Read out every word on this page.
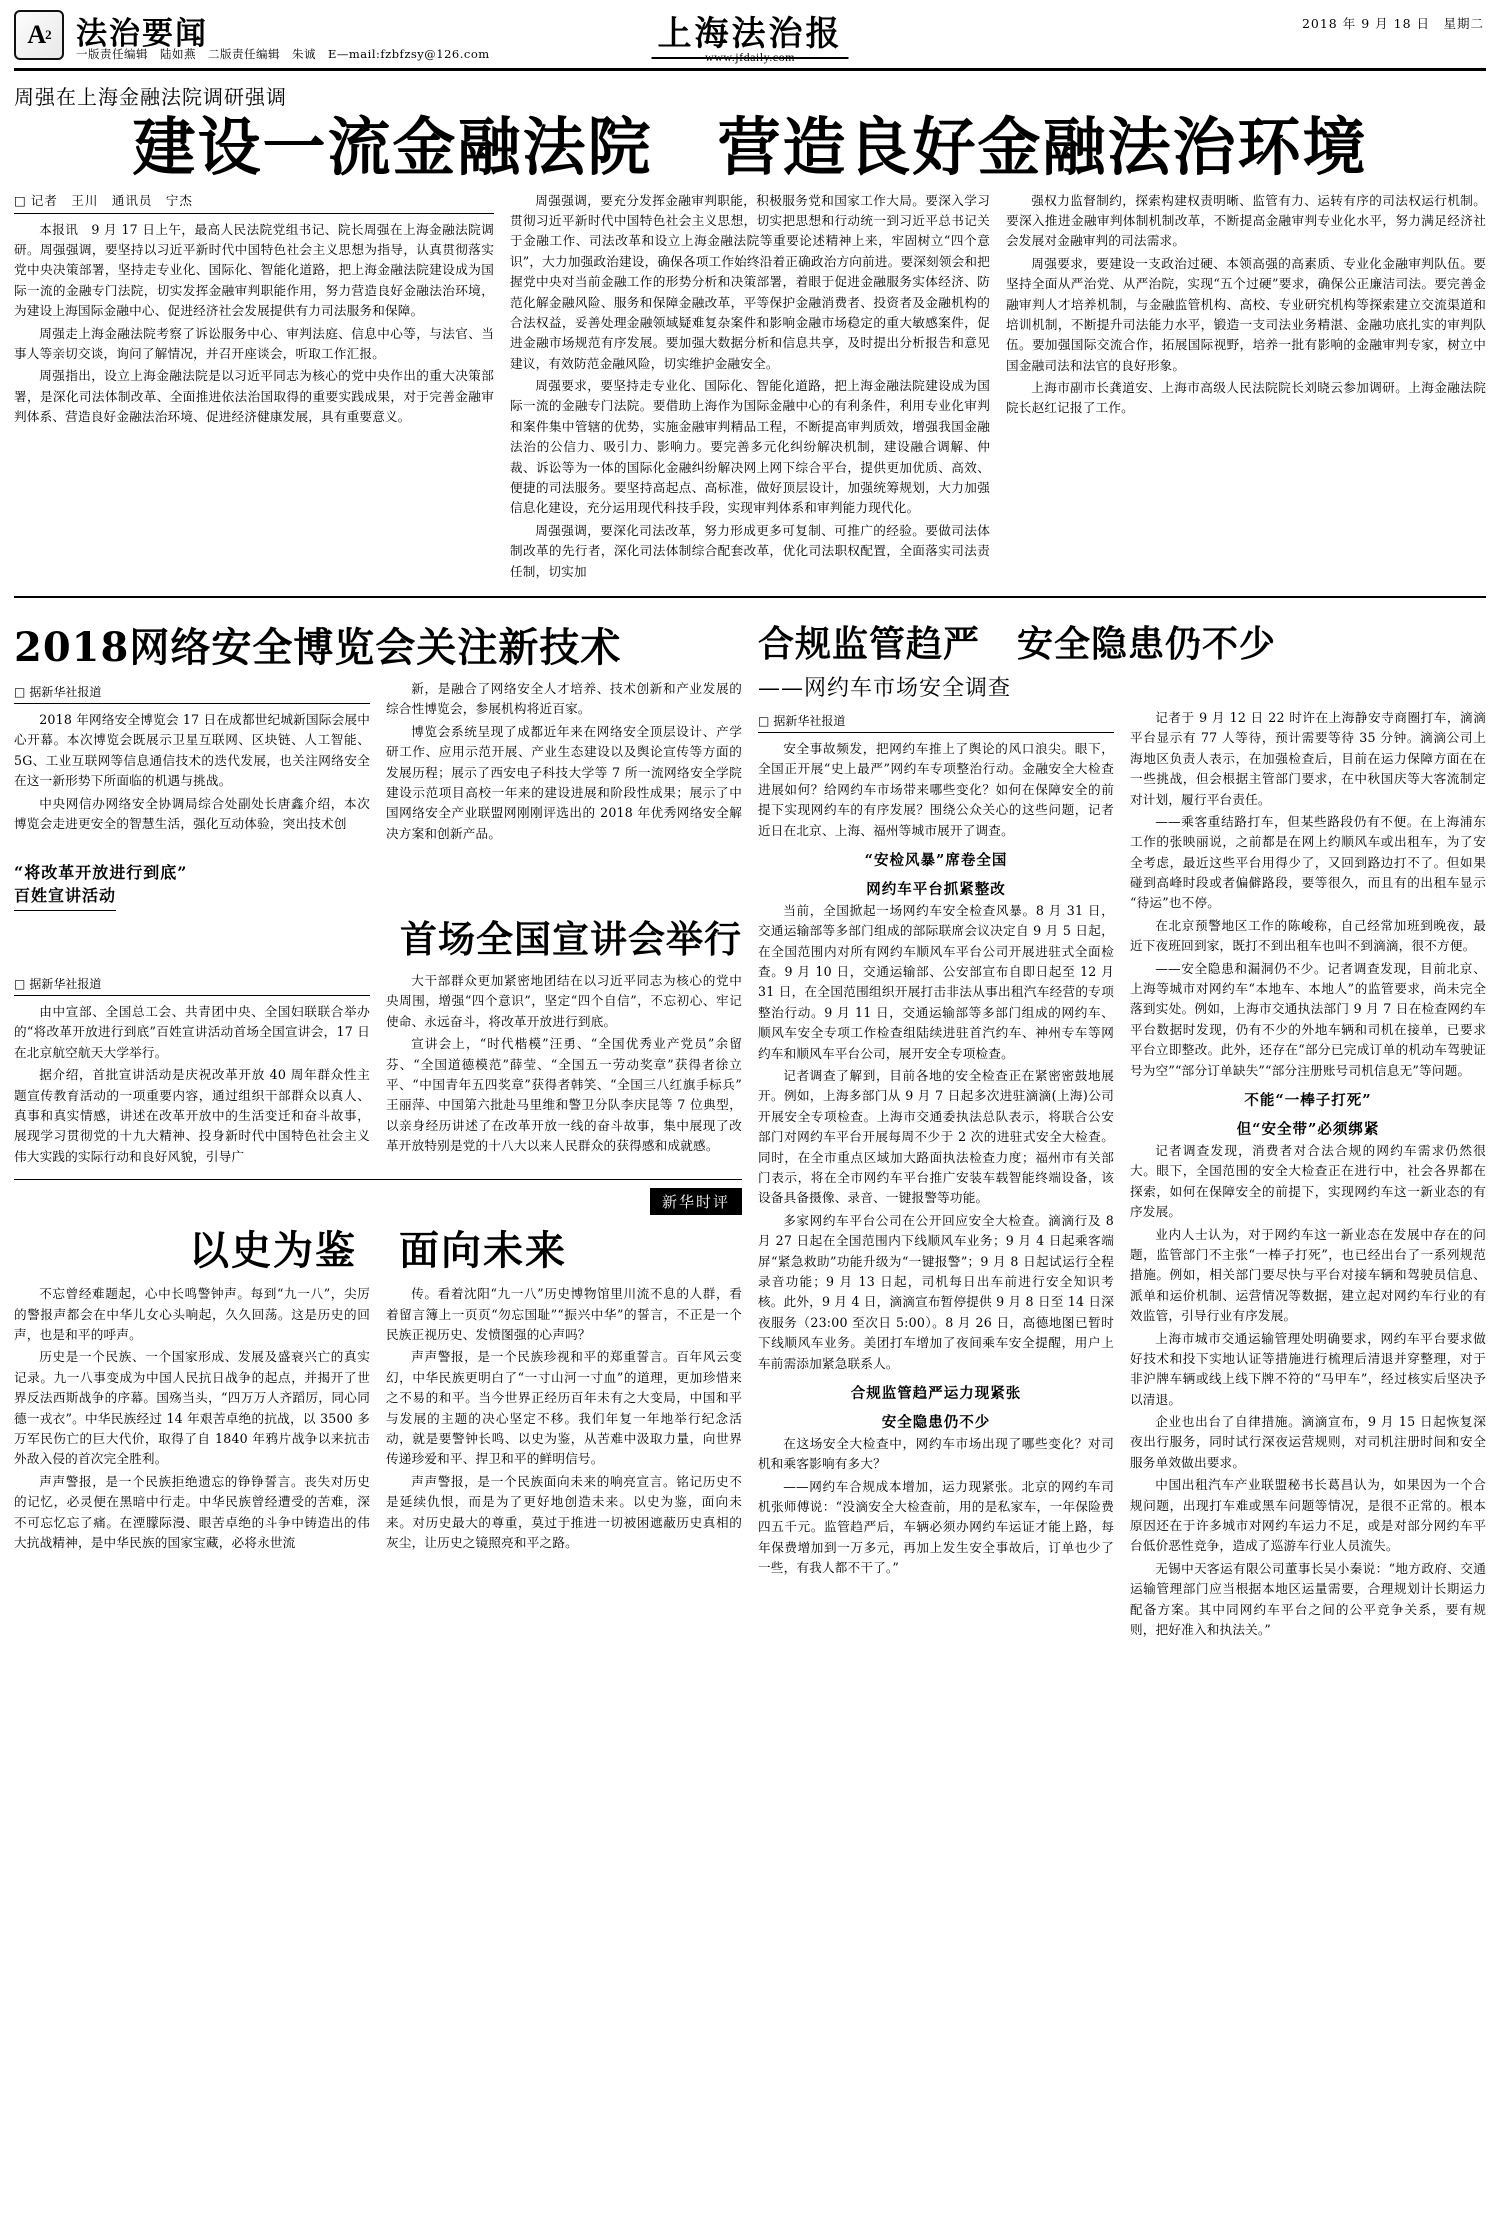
A 2 法治要闻
一版责任编辑　陆如燕　二版责任编辑　朱诚　E—mail:fzbfzsy@126.com	上海法治报
www.jfdaily.com
2018 年 9 月 18 日　星期二
周强在上海金融法院调研强调
建设一流金融法院　营造良好金融法治环境
□ 记者　王川　通讯员　宁杰

本报讯　9 月 17 日上午，最高人民法院党组书记、院长周强在上海金融法院调研。周强强调，要坚持以习近平新时代中国特色社会主义思想为指导，认真贯彻落实党中央决策部署，坚持走专业化、国际化、智能化道路，把上海金融法院建设成为国际一流的金融专门法院，切实发挥金融审判职能作用，努力营造良好金融法治环境，为建设上海国际金融中心、促进经济社会发展提供有力司法服务和保障。

周强走上海金融法院考察了诉讼服务中心、审判法庭、信息中心等，与法官、当事人等亲切交谈，询问了解情况，并召开座谈会，听取工作汇报。

周强指出，设立上海金融法院是以习近平同志为核心的党中央作出的重大决策部署，是深化司法体制改革、全面推进依法治国取得的重要实践成果，对于完善金融审判体系、营造良好金融法治环境、促进经济健康发展，具有重要意义。

周强强调，要充分发挥金融审判职能，积极服务党和国家工作大局。要深入学习贯彻习近平新时代中国特色社会主义思想，切实把思想和行动统一到习近平总书记关于金融工作、司法改革和设立上海金融法院等重要论述精神上来，牢固树立“四个意识”，大力加强政治建设，确保各项工作始终沿着正确政治方向前进。要深刻领会和把握党中央对当前金融工作的形势分析和决策部署，着眼于促进金融服务实体经济、防范化解金融风险、服务和保障金融改革，平等保护金融消费者、投资者及金融机构的合法权益，妥善处理金融领域疑难复杂案件和影响金融市场稳定的重大敏感案件，促进金融市场规范有序发展。要加强大数据分析和信息共享，及时提出分析报告和意见建议，有效防范金融风险，切实维护金融安全。

周强要求，要坚持走专业化、国际化、智能化道路，把上海金融法院建设成为国际一流的金融专门法院。要借助上海作为国际金融中心的有利条件，利用专业化审判和案件集中管辖的优势，实施金融审判精品工程，不断提高审判质效，增强我国金融法治的公信力、吸引力、影响力。要完善多元化纠纷解决机制，建设融合调解、仲裁、诉讼等为一体的国际化金融纠纷解决网上网下综合平台，提供更加优质、高效、便捷的司法服务。要坚持高起点、高标准，做好顶层设计，加强统筹规划，大力加强信息化建设，充分运用现代科技手段，实现审判体系和审判能力现代化。

周强强调，要深化司法改革，努力形成更多可复制、可推广的经验。要做司法体制改革的先行者，深化司法体制综合配套改革，优化司法职权配置，全面落实司法责任制，切实加

强权力监督制约，探索构建权责明晰、监管有力、运转有序的司法权运行机制。要深入推进金融审判体制机制改革，不断提高金融审判专业化水平，努力满足经济社会发展对金融审判的司法需求。

周强要求，要建设一支政治过硬、本领高强的高素质、专业化金融审判队伍。要坚持全面从严治党、从严治院，实现“五个过硬”要求，确保公正廉洁司法。要完善金融审判人才培养机制，与金融监管机构、高校、专业研究机构等探索建立交流渠道和培训机制，不断提升司法能力水平，锻造一支司法业务精湛、金融功底扎实的审判队伍。要加强国际交流合作，拓展国际视野，培养一批有影响的金融审判专家，树立中国金融司法和法官的良好形象。

上海市副市长龚道安、上海市高级人民法院院长刘晓云参加调研。上海金融法院院长赵红记报了工作。

2018网络安全博览会关注新技术
□ 据新华社报道

2018 年网络安全博览会 17 日在成都世纪城新国际会展中心开幕。本次博览会既展示卫星互联网、区块链、人工智能、5G、工业互联网等信息通信技术的迭代发展，也关注网络安全在这一新形势下所面临的机遇与挑战。

中央网信办网络安全协调局综合处副处长唐鑫介绍，本次博览会走进更安全的智慧生活，强化互动体验，突出技术创

新，是融合了网络安全人才培养、技术创新和产业发展的综合性博览会，参展机构将近百家。

博览会系统呈现了成都近年来在网络安全顶层设计、产学研工作、应用示范开展、产业生态建设以及舆论宣传等方面的发展历程；展示了西安电子科技大学等 7 所一流网络安全学院建设示范项目高校一年来的建设进展和阶段性成果；展示了中国网络安全产业联盟网刚刚评选出的 2018 年优秀网络安全解决方案和创新产品。

“将改革开放进行到底”
百姓宣讲活动
首场全国宣讲会举行
□ 据新华社报道

由中宣部、全国总工会、共青团中央、全国妇联联合举办的“将改革开放进行到底”百姓宣讲活动首场全国宣讲会，17 日在北京航空航天大学举行。

据介绍，首批宣讲活动是庆祝改革开放 40 周年群众性主题宣传教育活动的一项重要内容，通过组织干部群众以真人、真事和真实情感，讲述在改革开放中的生活变迁和奋斗故事，展现学习贯彻党的十九大精神、投身新时代中国特色社会主义伟大实践的实际行动和良好风貌，引导广

大干部群众更加紧密地团结在以习近平同志为核心的党中央周围，增强“四个意识”，坚定“四个自信”，不忘初心、牢记使命、永远奋斗，将改革开放进行到底。

宣讲会上，“时代楷模”汪勇、“全国优秀业产党员”余留芬、“全国道德模范”薛莹、“全国五一劳动奖章”获得者徐立平、“中国青年五四奖章”获得者韩笑、“全国三八红旗手标兵”王丽萍、中国第六批赴马里维和警卫分队李庆昆等 7 位典型，以亲身经历讲述了在改革开放一线的奋斗故事，集中展现了改革开放特别是党的十八大以来人民群众的获得感和成就感。

新华时评
以史为鉴　面向未来

不忘曾经难题起，心中长鸣警钟声。每到“九一八”，尖厉的警报声都会在中华儿女心头响起，久久回荡。这是历史的回声，也是和平的呼声。

历史是一个民族、一个国家形成、发展及盛衰兴亡的真实记录。九一八事变成为中国人民抗日战争的起点，并揭开了世界反法西斯战争的序幕。国殇当头，“四万万人齐蹈厉，同心同德一戎衣”。中华民族经过 14 年艰苦卓绝的抗战，以 3500 多万军民伤亡的巨大代价，取得了自 1840 年鸦片战争以来抗击外敌入侵的首次完全胜利。

声声警报，是一个民族拒绝遗忘的铮铮誓言。丧失对历史的记忆，必灵便在黑暗中行走。中华民族曾经遭受的苦难，深不可忘忆忘了痛。在湮朦际漫、眼苦卓绝的斗争中铸造出的伟大抗战精神，是中华民族的国家宝藏，必将永世流

传。看着沈阳“九一八”历史博物馆里川流不息的人群，看着留言簿上一页页“勿忘国耻”“振兴中华”的誓言，不正是一个民族正视历史、发愤图强的心声吗？

声声警报，是一个民族珍视和平的郑重誓言。百年风云变幻，中华民族更明白了“一寸山河一寸血”的道理，更加珍惜来之不易的和平。当今世界正经历百年未有之大变局，中国和平与发展的主题的决心坚定不移。我们年复一年地举行纪念活动，就是要警钟长鸣、以史为鉴，从苦难中汲取力量，向世界传递珍爱和平、捍卫和平的鲜明信号。

声声警报，是一个民族面向未来的响亮宣言。铭记历史不是延续仇恨，而是为了更好地创造未来。以史为鉴，面向未来。对历史最大的尊重，莫过于推进一切被困遮蔽历史真相的灰尘，让历史之镜照亮和平之路。

合规监管趋严　安全隐患仍不少
——网约车市场安全调查
□ 据新华社报道

安全事故频发，把网约车推上了舆论的风口浪尖。眼下，全国正开展“史上最严”网约车专项整治行动。金融安全大检查进展如何？给网约车市场带来哪些变化？如何在保障安全的前提下实现网约车的有序发展？围绕公众关心的这些问题，记者近日在北京、上海、福州等城市展开了调查。

“安检风暴”席卷全国
网约车平台抓紧整改

当前，全国掀起一场网约车安全检查风暴。8 月 31 日，交通运输部等多部门组成的部际联席会议决定自 9 月 5 日起，在全国范围内对所有网约车顺风车平台公司开展进驻式全面检查。9 月 10 日，交通运输部、公安部宣布自即日起至 12 月 31 日，在全国范围组织开展打击非法从事出租汽车经营的专项整治行动。9 月 11 日，交通运输部等多部门组成的网约车、顺风车安全专项工作检查组陆续进驻首汽约车、神州专车等网约车和顺风车平台公司，展开安全专项检查。

记者调查了解到，目前各地的安全检查正在紧密密鼓地展开。例如，上海多部门从 9 月 7 日起多次进驻滴滴(上海)公司开展安全专项检查。上海市交通委执法总队表示，将联合公安部门对网约车平台开展每周不少于 2 次的进驻式安全大检查。同时，在全市重点区域加大路面执法检查力度；福州市有关部门表示，将在全市网约车平台推广安装车载智能终端设备，该设备具备摄像、录音、一键报警等功能。

多家网约车平台公司在公开回应安全大检查。滴滴行及 8 月 27 日起在全国范围内下线顺风车业务；9 月 4 日起乘客端屏“紧急救助”功能升级为“一键报警”；9 月 8 日起试运行全程录音功能；9 月 13 日起，司机每日出车前进行安全知识考核。此外，9 月 4 日，滴滴宣布暂停提供 9 月 8 日至 14 日深夜服务（23:00 至次日 5:00）。8 月 26 日，高德地图已暂时下线顺风车业务。美团打车增加了夜间乘车安全提醒，用户上车前需添加紧急联系人。

合规监管趋严运力现紧张
安全隐患仍不少

在这场安全大检查中，网约车市场出现了哪些变化？对司机和乘客影响有多大？

——网约车合规成本增加，运力现紧张。北京的网约车司机张师傅说：“没滴安全大检查前，用的是私家车，一年保险费四五千元。监管趋严后，车辆必须办网约车运证才能上路，每年保费增加到一万多元，再加上发生安全事故后，订单也少了一些，有我人都不干了。”

记者于 9 月 12 日 22 时许在上海静安寺商圈打车，滴滴平台显示有 77 人等待，预计需要等待 35 分钟。滴滴公司上海地区负责人表示，在加强检查后，目前在运力保障方面在在一些挑战，但会根据主管部门要求，在中秋国庆等大客流制定对计划，履行平台责任。

——乘客重结路打车，但某些路段仍有不便。在上海浦东工作的张映丽说，之前都是在网上约顺风车或出租车，为了安全考虑，最近这些平台用得少了，又回到路边打不了。但如果碰到高峰时段或者偏僻路段，要等很久，而且有的出租车显示“待运”也不停。

在北京预警地区工作的陈峻称，自己经常加班到晚夜，最近下夜班回到家，既打不到出租车也叫不到滴滴，很不方便。

——安全隐患和漏洞仍不少。记者调查发现，目前北京、上海等城市对网约车“本地车、本地人”的监管要求，尚未完全落到实处。例如，上海市交通执法部门 9 月 7 日在检查网约车平台数据时发现，仍有不少的外地车辆和司机在接单，已要求平台立即整改。此外，还存在“部分已完成订单的机动车驾驶证号为空”“部分订单缺失”“部分注册账号司机信息无”等问题。

不能“一棒子打死”
但“安全带”必须绑紧

记者调查发现，消费者对合法合规的网约车需求仍然很大。眼下，全国范围的安全大检查正在进行中，社会各界都在探索，如何在保障安全的前提下，实现网约车这一新业态的有序发展。

业内人士认为，对于网约车这一新业态在发展中存在的问题，监管部门不主张“一棒子打死”，也已经出台了一系列规范措施。例如，相关部门要尽快与平台对接车辆和驾驶员信息、派单和运价机制、运营情况等数据，建立起对网约车行业的有效监管，引导行业有序发展。

上海市城市交通运输管理处明确要求，网约车平台要求做好技术和投下实地认证等措施进行梳理后清退并穿整理，对于非沪牌车辆或线上线下牌不符的“马甲车”，经过核实后坚决予以清退。

企业也出台了自律措施。滴滴宣布，9 月 15 日起恢复深夜出行服务，同时试行深夜运营规则，对司机注册时间和安全服务单效做出要求。

中国出租汽车产业联盟秘书长葛昌认为，如果因为一个合规问题，出现打车难或黑车问题等情况，是很不正常的。根本原因还在于许多城市对网约车运力不足，或是对部分网约车平台低价恶性竞争，造成了巡游车行业人员流失。

无锡中天客运有限公司董事长吴小秦说：“地方政府、交通运输管理部门应当根据本地区运量需要，合理规划计长期运力配备方案。其中同网约车平台之间的公平竞争关系，要有规则，把好准入和执法关。”
